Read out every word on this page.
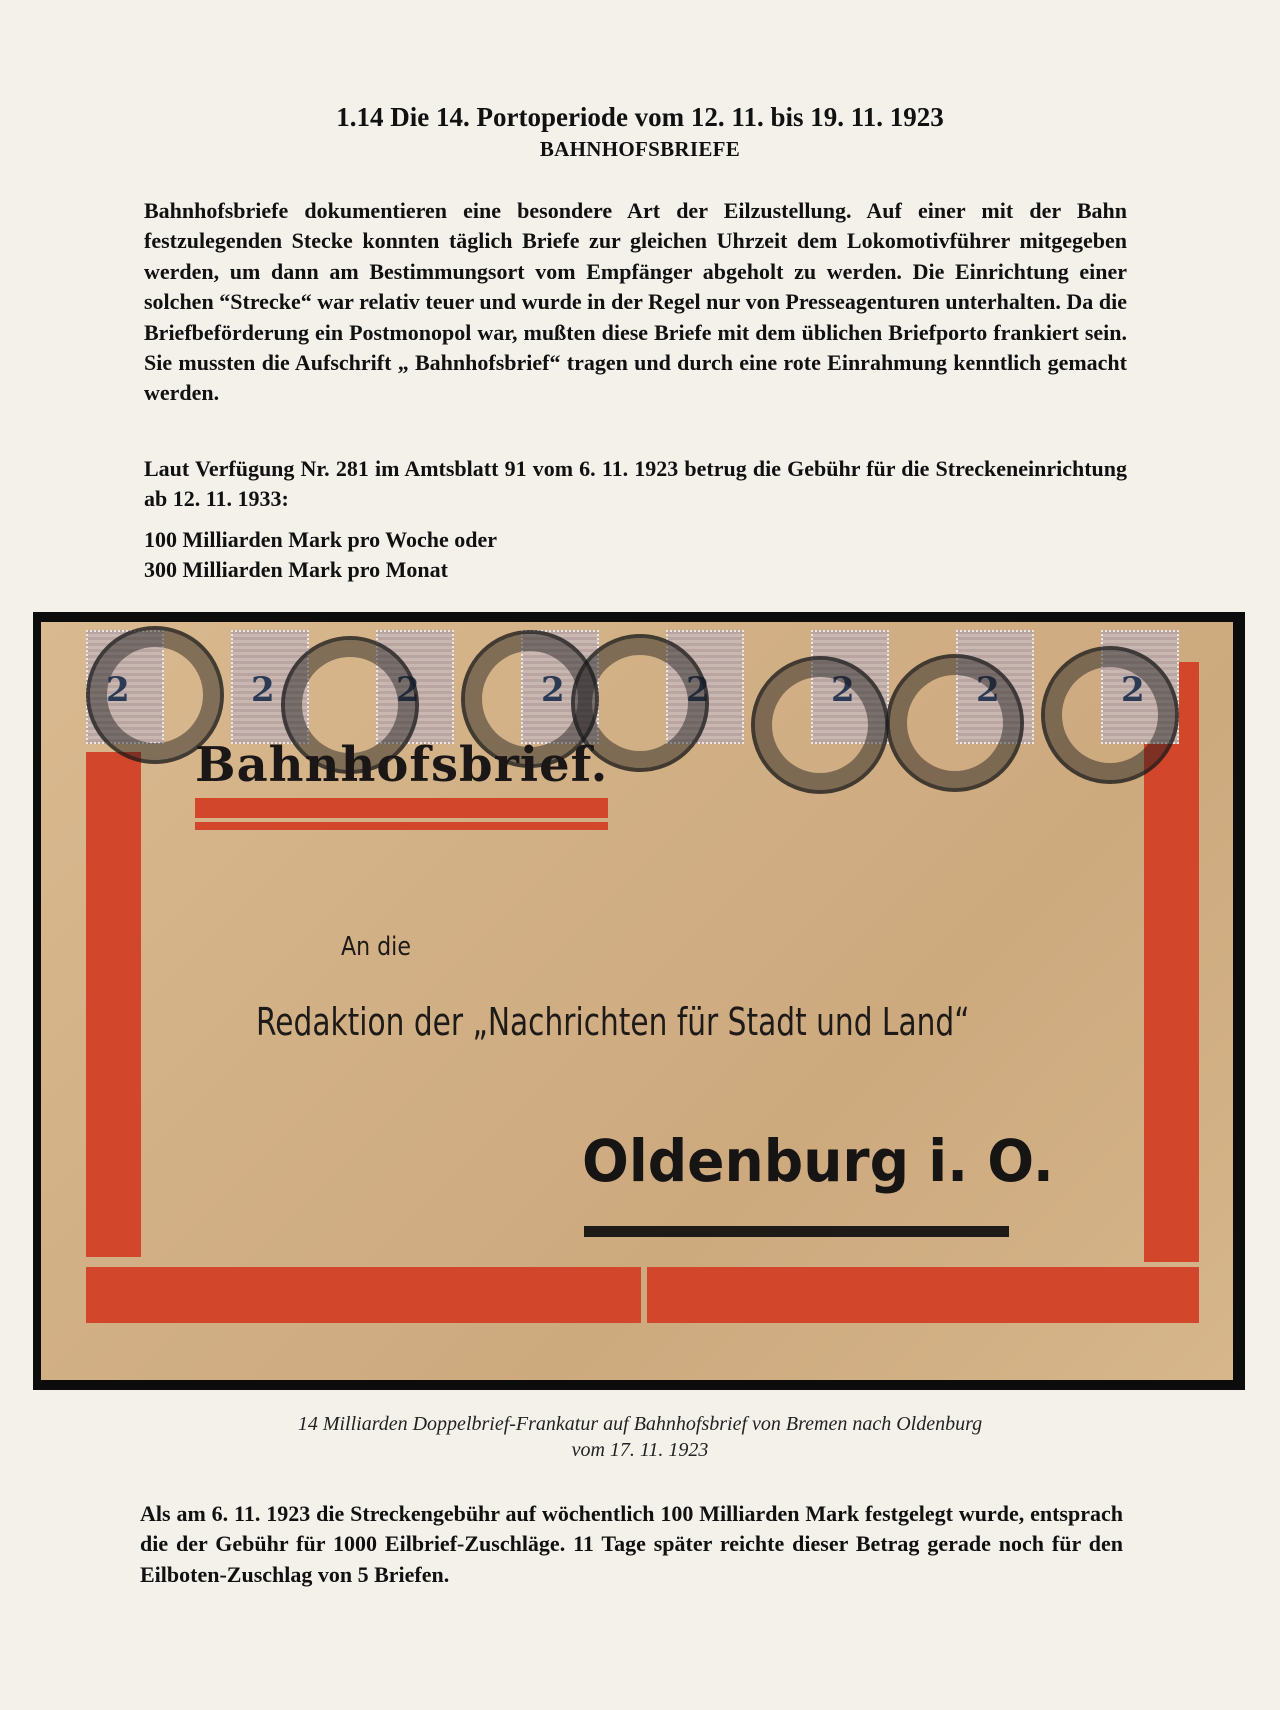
1.14 Die 14. Portoperiode vom 12. 11. bis 19. 11. 1923
BAHNHOFSBRIEFE
Bahnhofsbriefe dokumentieren eine besondere Art der Eilzustellung. Auf einer mit der Bahn festzulegenden Stecke konnten täglich Briefe zur gleichen Uhrzeit dem Lokomotivführer mitgegeben werden, um dann am Bestimmungsort vom Empfänger abgeholt zu werden. Die Einrichtung einer solchen “Strecke“ war relativ teuer und wurde in der Regel nur von Presseagenturen unterhalten. Da die Briefbeförderung ein Postmonopol war, mußten diese Briefe mit dem üblichen Briefporto frankiert sein. Sie mussten die Aufschrift „ Bahnhofsbrief“ tragen und durch eine rote Einrahmung kenntlich gemacht werden.
Laut Verfügung Nr. 281 im Amtsblatt 91 vom 6. 11. 1923 betrug die Gebühr für die Streckeneinrichtung ab 12. 11. 1933:
100 Milliarden Mark pro Woche oder
300 Milliarden Mark pro Monat
2	2	2	2	2	2	2	2
Bahnhofsbrief.
An die
Redaktion der „Nachrichten für Stadt und Land“
Oldenburg i. O.
14 Milliarden Doppelbrief-Frankatur auf Bahnhofsbrief von Bremen nach Oldenburg
vom 17. 11. 1923
Als am 6. 11. 1923 die Streckengebühr auf wöchentlich 100 Milliarden Mark festgelegt wurde, entsprach die der Gebühr für 1000 Eilbrief-Zuschläge. 11 Tage später reichte dieser Betrag gerade noch für den Eilboten-Zuschlag von 5 Briefen.
